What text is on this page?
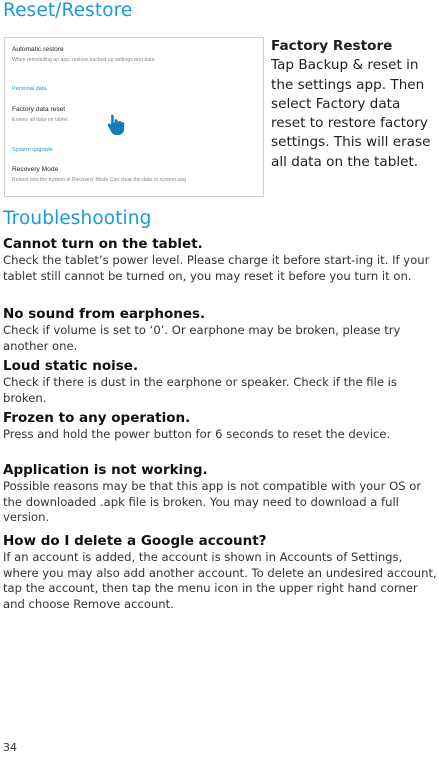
Reset/Restore
Automatic restore
When reinstalling an app, restore backed up settings and data
Personal data
Factory data reset
Erases all data on tablet
System upgrade
Recovery Mode
Reboot into the system in Recovery Mode.Can clear the data or system upg
Factory Restore
Tap Backup & reset in the settings app. Then select Factory data reset to restore factory settings. This will erase all data on the tablet.
Troubleshooting

Cannot turn on the tablet.

Check the tablet’s power level. Please charge it before start-ing it. If your tablet still cannot be turned on, you may reset it before you turn it on.

No sound from earphones.

Check if volume is set to ‘0’. Or earphone may be broken, please try another one.

Loud static noise.

Check if there is dust in the earphone or speaker. Check if the file is broken.

Frozen to any operation.

Press and hold the power button for 6 seconds to reset the device.

Application is not working.

Possible reasons may be that this app is not compatible with your OS or the downloaded .apk file is broken. You may need to download a full version.

How do I delete a Google account?

If an account is added, the account is shown in Accounts of Settings, where you may also add another account. To delete an undesired account, tap the account, then tap the menu icon in the upper right hand corner and choose Remove account.

34
